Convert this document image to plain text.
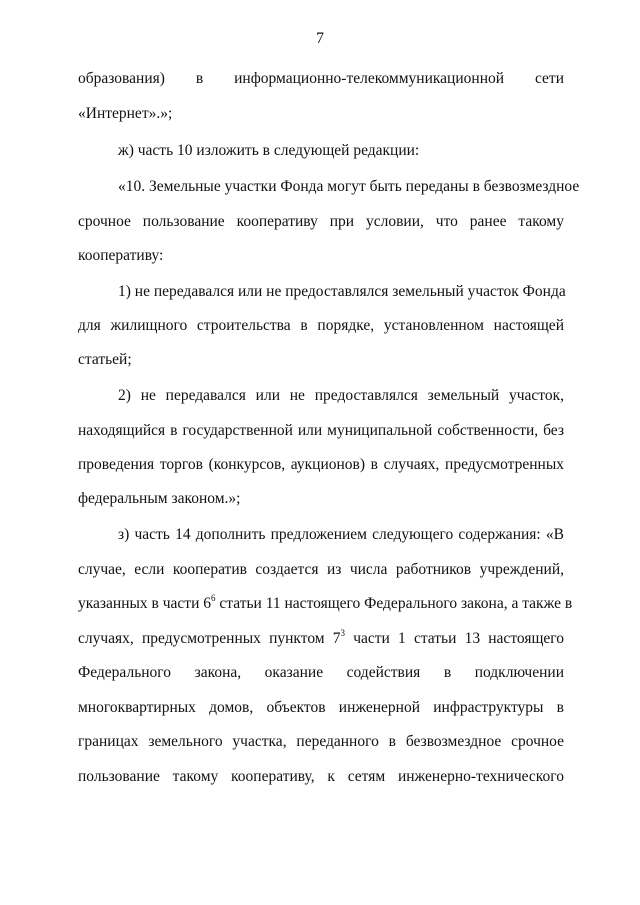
7
образования) в информационно-телекоммуникационной сети
«Интернет».»;
ж) часть 10 изложить в следующей редакции:
«10. Земельные участки Фонда могут быть переданы в безвозмездное
срочное пользование кооперативу при условии, что ранее такому
кооперативу:
1) не передавался или не предоставлялся земельный участок Фонда
для жилищного строительства в порядке, установленном настоящей
статьей;
2) не передавался или не предоставлялся земельный участок,
находящийся в государственной или муниципальной собственности, без
проведения торгов (конкурсов, аукционов) в случаях, предусмотренных
федеральным законом.»;
з) часть 14 дополнить предложением следующего содержания: «В
случае, если кооператив создается из числа работников учреждений,
указанных в части $6^6$ статьи 11 настоящего Федерального закона, а также в
случаях, предусмотренных пунктом $7^3$ части 1 статьи 13 настоящего
Федерального закона, оказание содействия в подключении
многоквартирных домов, объектов инженерной инфраструктуры в
границах земельного участка, переданного в безвозмездное срочное
пользование такому кооперативу, к сетям инженерно-технического
